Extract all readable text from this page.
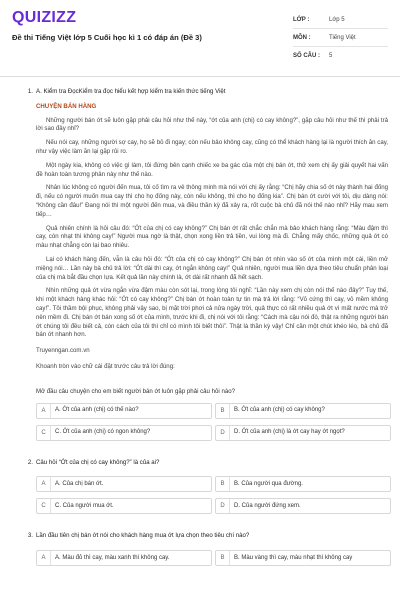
QUIZIZZ
Đề thi Tiếng Việt lớp 5 Cuối học kì 1 có đáp án (Đề 3)
LỚP :	Lớp 5
MÔN :	Tiếng Việt
SỐ CÂU :	5
1. A. Kiểm tra ĐọcKiểm tra đọc hiểu kết hợp kiểm tra kiến thức tiếng Việt
CHUYỆN BÁN HÀNG
Những người bán ớt sẽ luôn gặp phải câu hỏi như thế này, “ớt của anh (chị) có cay không?”, gặp câu hỏi như thế thì phải trả lời sao đây nhỉ?
Nếu nói cay, những người sợ cay, họ sẽ bỏ đi ngay; còn nếu bảo không cay, cũng có thể khách hàng lại là người thích ăn cay, như vậy việc làm ăn lại gặp rủi ro.
Một ngày kia, không có việc gì làm, tôi đứng bên cạnh chiếc xe ba gác của một chị bán ớt, thử xem chị ấy giải quyết hai vấn đề hoàn toàn tương phản này như thế nào.
Nhân lúc không có người đến mua, tôi cố tìm ra vẻ thông minh mà nói với chị ấy rằng: “Chị hãy chia số ớt này thành hai đống đi, nếu có người muốn mua cay thì cho họ đống này, còn nếu không, thì cho họ đống kia”. Chị bán ớt cười với tôi, dịu dàng nói: “Không cần đâu!” Đang nói thì một người đến mua, và điều thần kỳ đã xảy ra, rốt cuộc bà chủ đã nói thế nào nhỉ? Hãy mau xem tiếp…
Quả nhiên chính là hỏi câu đó: “Ớt của chị có cay không?” Chị bán ớt rất chắc chắn mà bảo khách hàng rằng: “Màu đậm thì cay, còn nhạt thì không cay!” Người mua ngờ là thật, chọn xong liền trả tiền, vui lòng mà đi. Chẳng mấy chốc, những quả ớt có màu nhạt chẳng còn lại bao nhiêu.
Lại có khách hàng đến, vẫn là câu hỏi đó: “Ớt của chị có cay không?” Chị bán ớt nhìn vào số ớt của mình một cái, liền mở miệng nói… Lần này bà chủ trả lời: “Ớt dài thì cay, ớt ngắn không cay!” Quả nhiên, người mua liền dựa theo tiêu chuẩn phân loại của chị mà bắt đầu chọn lựa. Kết quả lần này chính là, ớt dài rất nhanh đã hết sạch.
Nhìn những quả ớt vừa ngắn vừa đậm màu còn sót lại, trong lòng tôi nghĩ: “Lần này xem chị còn nói thế nào đây?” Tuy thế, khi một khách hàng khác hỏi: “Ớt có cay không?” Chị bán ớt hoàn toàn tự tin mà trả lời rằng: “Vỏ cứng thì cay, vỏ mềm không cay!”. Tôi thầm bội phục, không phải vậy sao, bị mặt trời phơi cả nửa ngày trời, quả thực có rất nhiều quả ớt vì mất nước mà trở nên mềm đi. Chị bán ớt bán xong số ớt của mình, trước khi đi, chị nói với tôi rằng: “Cách mà cậu nói đó, thật ra những người bán ớt chúng tôi đều biết cả, còn cách của tôi thì chỉ có mình tôi biết thôi”. Thật là thần kỳ vậy! Chỉ cần một chút khéo léo, bà chủ đã bán ớt nhanh hơn.
Truyenngan.com.vn
Khoanh tròn vào chữ cái đặt trước câu trả lời đúng:
Mở đầu câu chuyện cho em biết người bán ớt luôn gặp phải câu hỏi nào?
A	A. Ớt của anh (chị) có thế nào?	B	B. Ớt của anh (chị) có cay không?
C	C. Ớt của anh (chị) có ngon không?	D	D. Ớt của anh (chị) là ớt cay hay ớt ngọt?
2. Câu hỏi “Ớt của chị có cay không?” là của ai?
A	A. Của chị bán ớt.	B	B. Của người qua đường.
C	C. Của người mua ớt.	D	D. Của người đứng xem.
3. Lần đầu tiên chị bán ớt nói cho khách hàng mua ớt lựa chọn theo tiêu chí nào?
A	A. Màu đỏ thì cay, màu xanh thì không cay.	B	B. Màu vàng thì cay, màu nhạt thì không cay
